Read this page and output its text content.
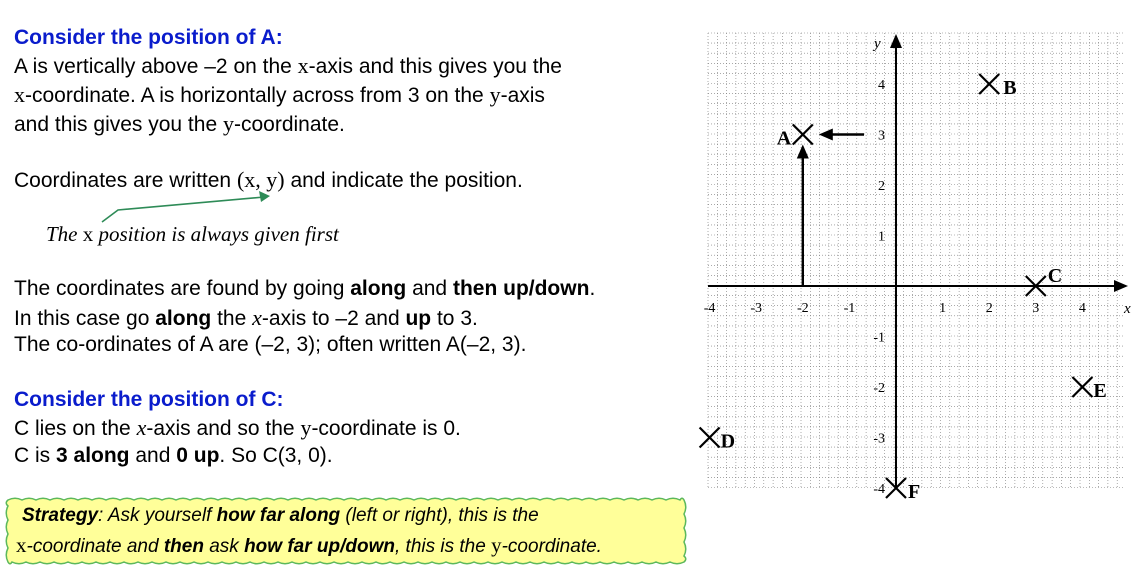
Consider the position of A:
A is vertically above –2 on the x-axis and this gives you the
x-coordinate. A is horizontally across from 3 on the y-axis
and this gives you the y-coordinate.
Coordinates are written (x, y) and indicate the position.
The x position is always given first
The coordinates are found by going along and then up/down.
In this case go along the x-axis to –2 and up to 3.
The co-ordinates of A are (–2, 3); often written A(–2, 3).
Consider the position of C:
C lies on the x-axis and so the y-coordinate is 0.
C is 3 along and 0 up. So C(3, 0).
Strategy: Ask yourself how far along (left or right), this is the
x-coordinate and then ask how far up/down, this is the y-coordinate.
x
y
-4 -3 -2 -1	1	2	3	4
4
3
2
1
-1
-2
-3
-4
A
B
C
D
E
F
